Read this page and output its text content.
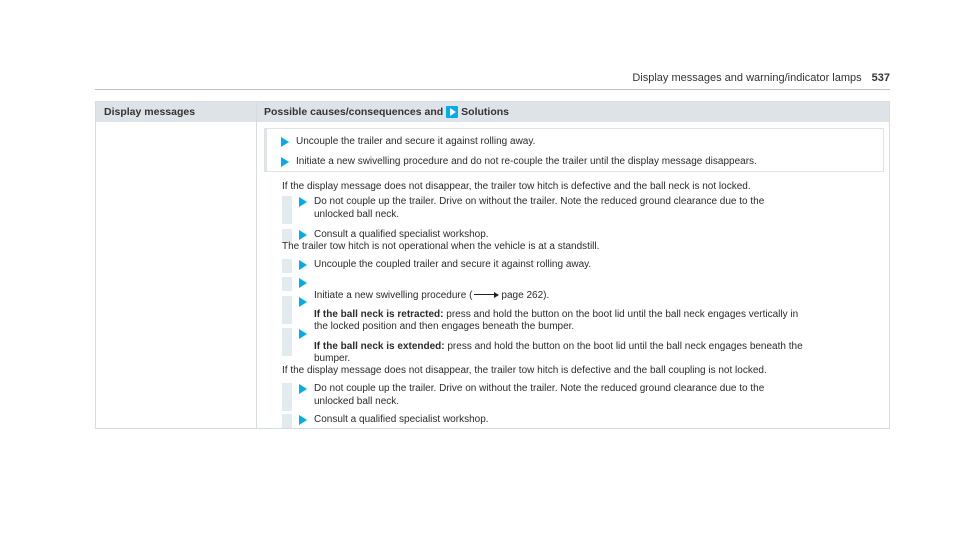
Display messages and warning/indicator lamps 537
Display messages	Possible causes/consequences and Solutions
Uncouple the trailer and secure it against rolling away.
Initiate a new swivelling procedure and do not re-couple the trailer until the display message disappears.
If the display message does not disappear, the trailer tow hitch is defective and the ball neck is not locked.
Do not couple up the trailer. Drive on without the trailer. Note the reduced ground clearance due to the
unlocked ball neck.
Consult a qualified specialist workshop.
The trailer tow hitch is not operational when the vehicle is at a standstill.
Uncouple the coupled trailer and secure it against rolling away.

Initiate a new swivelling procedure (	page 262).

If the ball neck is retracted: press and hold the button on the boot lid until the ball neck engages vertically in
the locked position and then engages beneath the bumper.

If the ball neck is extended: press and hold the button on the boot lid until the ball neck engages beneath the
bumper.

If the display message does not disappear, the trailer tow hitch is defective and the ball coupling is not locked.
Do not couple up the trailer. Drive on without the trailer. Note the reduced ground clearance due to the
unlocked ball neck.
Consult a qualified specialist workshop.
